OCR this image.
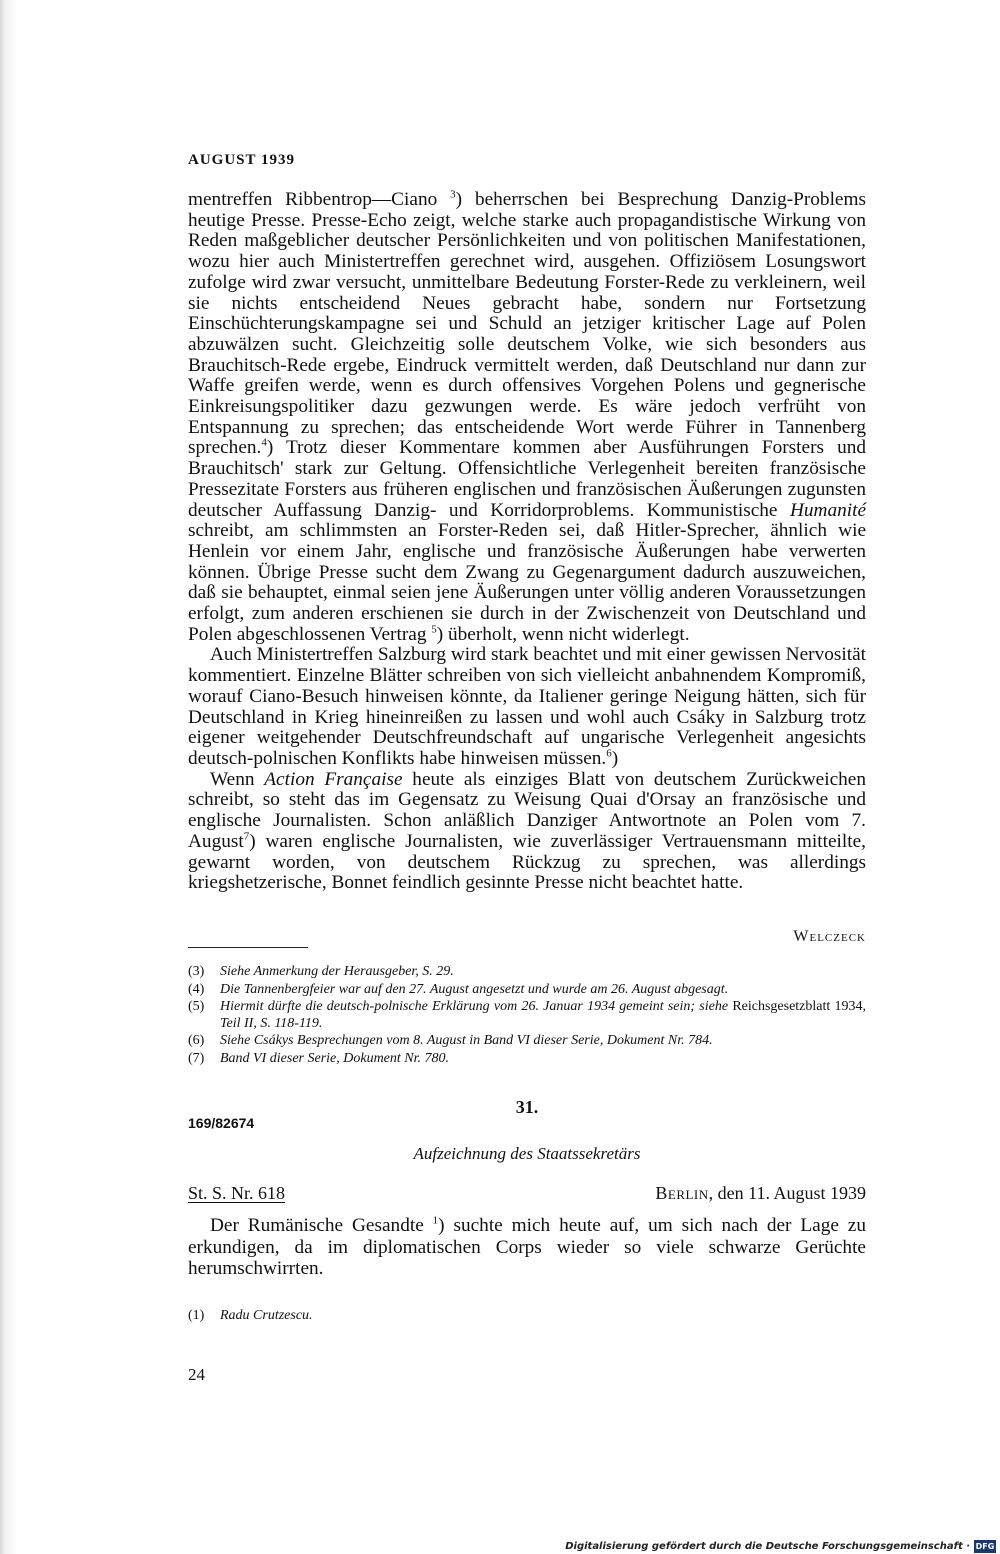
AUGUST 1939

mentreffen Ribbentrop—Ciano $^3$) beherrschen bei Besprechung Danzig-Problems heutige Presse. Presse-Echo zeigt, welche starke auch propagandistische Wirkung von Reden maßgeblicher deutscher Persönlichkeiten und von politischen Manifestationen, wozu hier auch Ministertreffen gerechnet wird, ausgehen. Offiziösem Losungswort zufolge wird zwar versucht, unmittelbare Bedeutung Forster-Rede zu verkleinern, weil sie nichts entscheidend Neues gebracht habe, sondern nur Fortsetzung Einschüchterungskampagne sei und Schuld an jetziger kritischer Lage auf Polen abzuwälzen sucht. Gleichzeitig solle deutschem Volke, wie sich besonders aus Brauchitsch-Rede ergebe, Eindruck vermittelt werden, daß Deutschland nur dann zur Waffe greifen werde, wenn es durch offensives Vorgehen Polens und gegnerische Einkreisungspolitiker dazu gezwungen werde. Es wäre jedoch verfrüht von Entspannung zu sprechen; das entscheidende Wort werde Führer in Tannenberg sprechen.$^4$) Trotz dieser Kommentare kommen aber Ausführungen Forsters und Brauchitsch' stark zur Geltung. Offensichtliche Verlegenheit bereiten französische Pressezitate Forsters aus früheren englischen und französischen Äußerungen zugunsten deutscher Auffassung Danzig- und Korridorproblems. Kommunistische Humanité schreibt, am schlimmsten an Forster-Reden sei, daß Hitler-Sprecher, ähnlich wie Henlein vor einem Jahr, englische und französische Äußerungen habe verwerten können. Übrige Presse sucht dem Zwang zu Gegenargument dadurch auszuweichen, daß sie behauptet, einmal seien jene Äußerungen unter völlig anderen Voraussetzungen erfolgt, zum anderen erschienen sie durch in der Zwischenzeit von Deutschland und Polen abgeschlossenen Vertrag $^5$) überholt, wenn nicht widerlegt.

Auch Ministertreffen Salzburg wird stark beachtet und mit einer gewissen Nervosität kommentiert. Einzelne Blätter schreiben von sich vielleicht anbahnendem Kompromiß, worauf Ciano-Besuch hinweisen könnte, da Italiener geringe Neigung hätten, sich für Deutschland in Krieg hineinreißen zu lassen und wohl auch Csáky in Salzburg trotz eigener weitgehender Deutschfreundschaft auf ungarische Verlegenheit angesichts deutsch-polnischen Konflikts habe hinweisen müssen.$^6$)

Wenn Action Française heute als einziges Blatt von deutschem Zurückweichen schreibt, so steht das im Gegensatz zu Weisung Quai d'Orsay an französische und englische Journalisten. Schon anläßlich Danziger Antwortnote an Polen vom 7. August$^7$) waren englische Journalisten, wie zuverlässiger Vertrauensmann mitteilte, gewarnt worden, von deutschem Rückzug zu sprechen, was allerdings kriegshetzerische, Bonnet feindlich gesinnte Presse nicht beachtet hatte.

Welczeck
(3)	Siehe Anmerkung der Herausgeber, S. 29.
(4)	Die Tannenbergfeier war auf den 27. August angesetzt und wurde am 26. August abgesagt.
(5)	Hiermit dürfte die deutsch-polnische Erklärung vom 26. Januar 1934 gemeint sein; siehe Reichsgesetzblatt 1934, Teil II, S. 118-119.
(6)	Siehe Csákys Besprechungen vom 8. August in Band VI dieser Serie, Dokument Nr. 784.
(7)	Band VI dieser Serie, Dokument Nr. 780.
31.
169/82674
Aufzeichnung des Staatssekretärs
St. S. Nr. 618	Berlin, den 11. August 1939

Der Rumänische Gesandte $^1$) suchte mich heute auf, um sich nach der Lage zu erkundigen, da im diplomatischen Corps wieder so viele schwarze Gerüchte herumschwirrten.

(1)	Radu Crutzescu.
24
Digitalisierung gefördert durch die Deutsche Forschungsgemeinschaft · DFG
